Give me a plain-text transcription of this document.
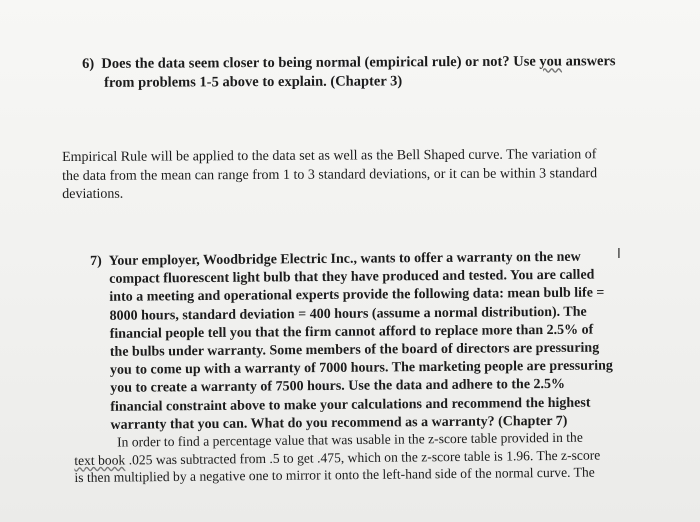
6) Does the data seem closer to being normal (empirical rule) or not? Use you answers
from problems 1-5 above to explain. (Chapter 3)
Empirical Rule will be applied to the data set as well as the Bell Shaped curve. The variation of
the data from the mean can range from 1 to 3 standard deviations, or it can be within 3 standard
deviations.
7) Your employer, Woodbridge Electric Inc., wants to offer a warranty on the new
compact fluorescent light bulb that they have produced and tested. You are called
into a meeting and operational experts provide the following data: mean bulb life =
8000 hours, standard deviation = 400 hours (assume a normal distribution). The
financial people tell you that the firm cannot afford to replace more than 2.5% of
the bulbs under warranty. Some members of the board of directors are pressuring
you to come up with a warranty of 7000 hours. The marketing people are pressuring
you to create a warranty of 7500 hours. Use the data and adhere to the 2.5%
financial constraint above to make your calculations and recommend the highest
warranty that you can. What do you recommend as a warranty? (Chapter 7)
I
In order to find a percentage value that was usable in the z-score table provided in the
text book .025 was subtracted from .5 to get .475, which on the z-score table is 1.96. The z-score
is then multiplied by a negative one to mirror it onto the left-hand side of the normal curve. The
